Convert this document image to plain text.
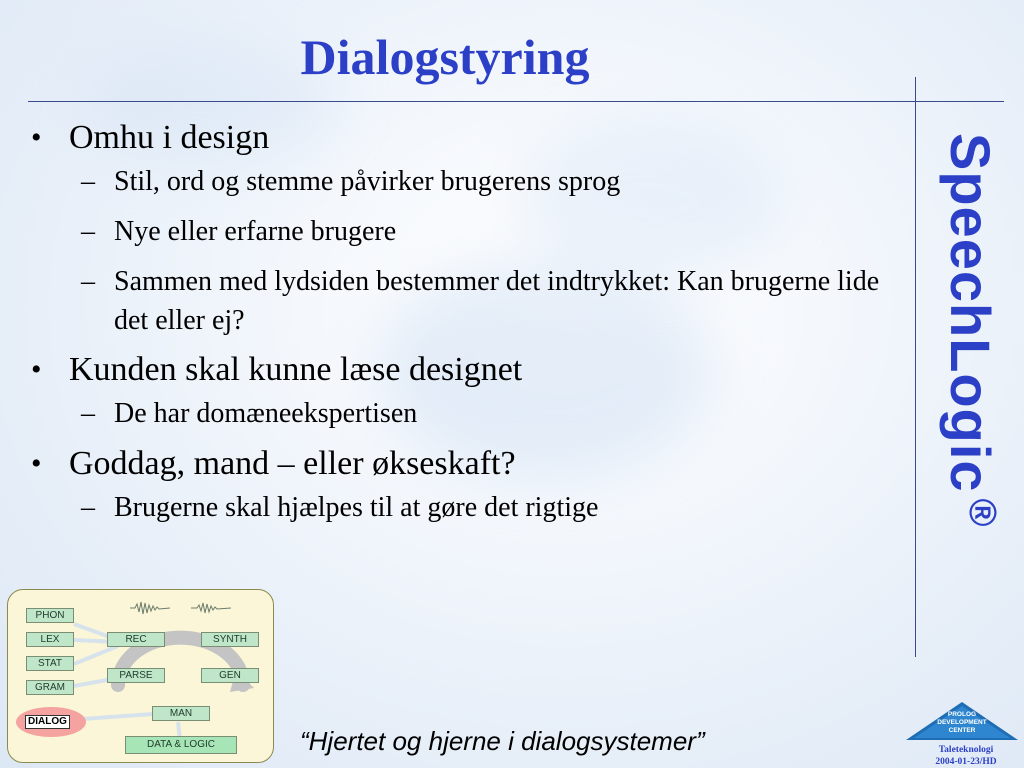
Dialogstyring
SpeechLogic®
• Omhu i design
– Stil, ord og stemme påvirker brugerens sprog
– Nye eller erfarne brugere
– Sammen med lydsiden bestemmer det indtrykket: Kan brugerne lide det eller ej?
• Kunden skal kunne læse designet
– De har domæneekspertisen
• Goddag, mand – eller økseskaft?
– Brugerne skal hjælpes til at gøre det rigtige
PHON
LEX
STAT
GRAM
REC	SYNTH
PARSE	GEN
MAN
DIALOG
DATA & LOGIC	“Hjertet og hjerne i dialogsystemer”
PROLOG
DEVELOPMENT
CENTER
Taleteknologi
2004-01-23/HD
